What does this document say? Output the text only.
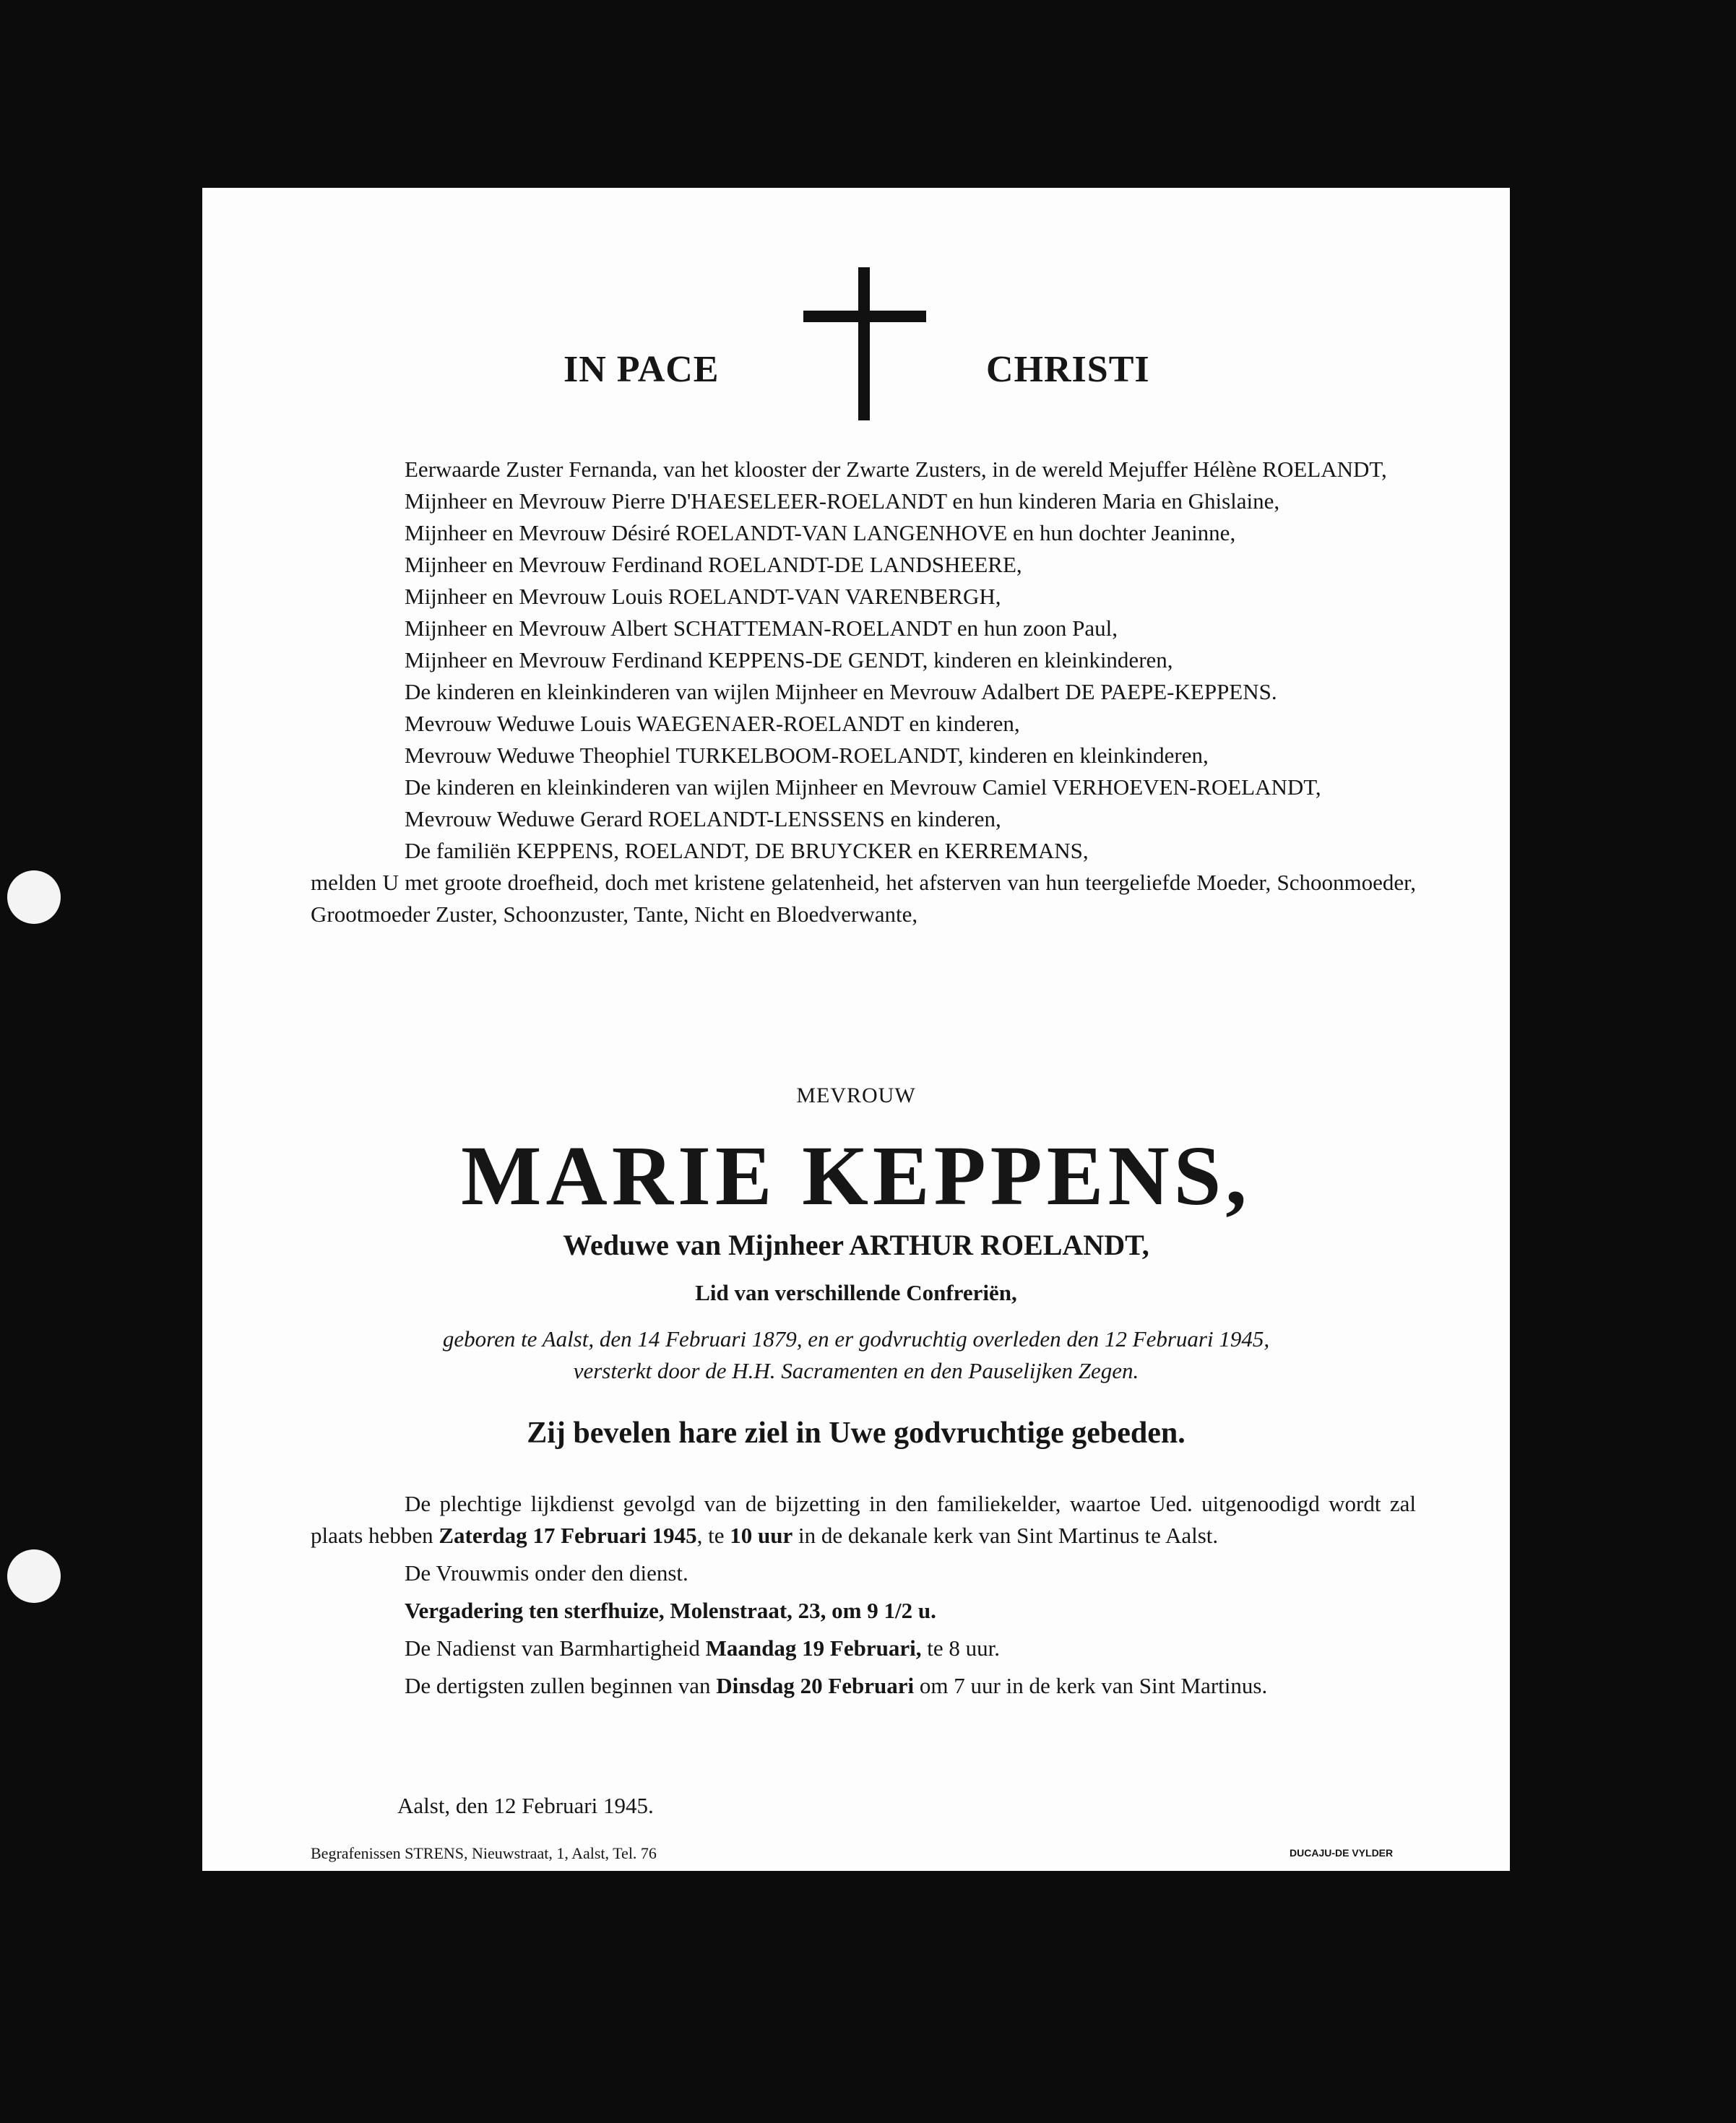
IN PACE	CHRISTI

Eerwaarde Zuster Fernanda, van het klooster der Zwarte Zusters, in de wereld Mejuffer Hélène ROELANDT,

Mijnheer en Mevrouw Pierre D'HAESELEER-ROELANDT en hun kinderen Maria en Ghislaine,

Mijnheer en Mevrouw Désiré ROELANDT-VAN LANGENHOVE en hun dochter Jeaninne,

Mijnheer en Mevrouw Ferdinand ROELANDT-DE LANDSHEERE,

Mijnheer en Mevrouw Louis ROELANDT-VAN VARENBERGH,

Mijnheer en Mevrouw Albert SCHATTEMAN-ROELANDT en hun zoon Paul,

Mijnheer en Mevrouw Ferdinand KEPPENS-DE GENDT, kinderen en kleinkinderen,

De kinderen en kleinkinderen van wijlen Mijnheer en Mevrouw Adalbert DE PAEPE-KEPPENS.

Mevrouw Weduwe Louis WAEGENAER-ROELANDT en kinderen,

Mevrouw Weduwe Theophiel TURKELBOOM-ROELANDT, kinderen en kleinkinderen,

De kinderen en kleinkinderen van wijlen Mijnheer en Mevrouw Camiel VERHOEVEN-ROELANDT,

Mevrouw Weduwe Gerard ROELANDT-LENSSENS en kinderen,

De familiën KEPPENS, ROELANDT, DE BRUYCKER en KERREMANS,

melden U met groote droefheid, doch met kristene gelatenheid, het afsterven van hun teergeliefde Moeder, Schoonmoeder, Grootmoeder Zuster, Schoonzuster, Tante, Nicht en Bloedverwante,

MEVROUW
MARIE KEPPENS,
Weduwe van Mijnheer ARTHUR ROELANDT,
Lid van verschillende Confreriën,
geboren te Aalst, den 14 Februari 1879, en er godvruchtig overleden den 12 Februari 1945,
versterkt door de H.H. Sacramenten en den Pauselijken Zegen.
Zij bevelen hare ziel in Uwe godvruchtige gebeden.

De plechtige lijkdienst gevolgd van de bijzetting in den familiekelder, waartoe Ued. uitgenoodigd wordt zal plaats hebben Zaterdag 17 Februari 1945, te 10 uur in de dekanale kerk van Sint Martinus te Aalst.

De Vrouwmis onder den dienst.

Vergadering ten sterfhuize, Molenstraat, 23, om 9 1/2 u.

De Nadienst van Barmhartigheid Maandag 19 Februari, te 8 uur.

De dertigsten zullen beginnen van Dinsdag 20 Februari om 7 uur in de kerk van Sint Martinus.

Aalst, den 12 Februari 1945.
Begrafenissen STRENS, Nieuwstraat, 1, Aalst, Tel. 76	DUCAJU-DE VYLDER
